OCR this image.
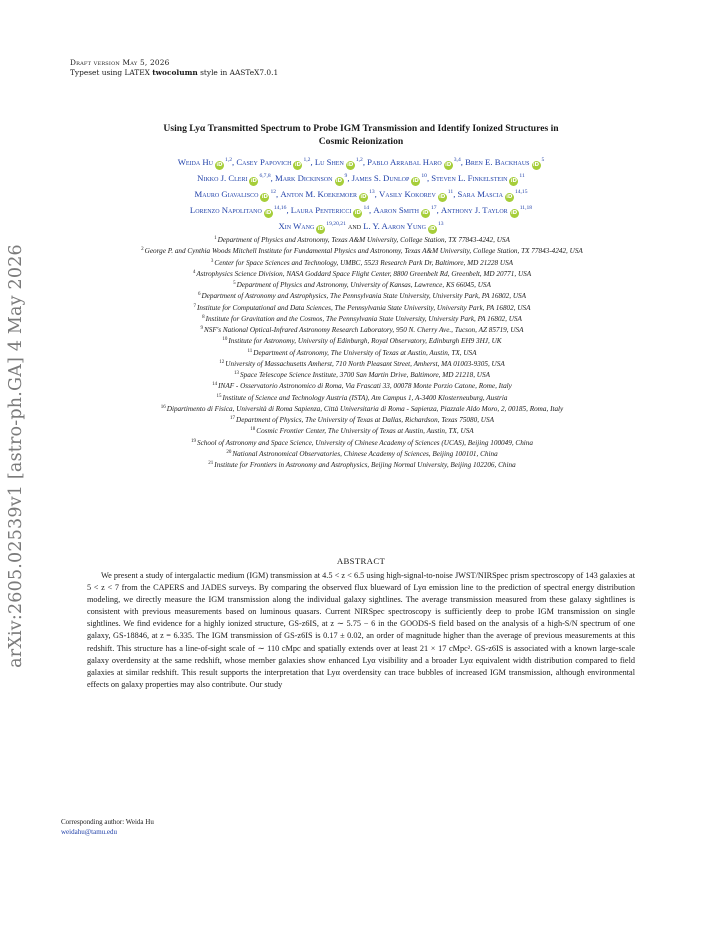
Draft version May 5, 2026
Typeset using LATEX twocolumn style in AASTeX7.0.1
arXiv:2605.02539v1 [astro-ph.GA] 4 May 2026
Using Lyα Transmitted Spectrum to Probe IGM Transmission and Identify Ionized Structures in
Cosmic Reionization
Weida Hu iD$^{1,2}$, Casey Papovich iD$^{1,2}$, Lu Shen iD$^{1,2}$, Pablo Arrabal Haro iD$^{3,4}$, Bren E. Backhaus $iD^5$
Nikko J. Cleri iD$^{6,7,8}$, Mark Dickinson $iD^9$, James S. Dunlop $iD^{10}$, Steven L. Finkelstein $iD^{11}$
Mauro Giavalisco $iD^{12}$, Anton M. Koekemoer $iD^{13}$, Vasily Kokorev $iD^{11}$, Sara Mascia iD$^{14,15}$
Lorenzo Napolitano iD$^{14,16}$, Laura Pentericci $iD^{14}$, Aaron Smith $iD^{17}$, Anthony J. Taylor iD$^{11,18}$
Xin Wang iD$^{19,20,21}$ and L. Y. Aaron Yung $iD^{13}$
$^1$Department of Physics and Astronomy, Texas A&M University, College Station, TX 77843-4242, USA
$^2$George P. and Cynthia Woods Mitchell Institute for Fundamental Physics and Astronomy, Texas A&M University, College Station, TX 77843-4242, USA
$^3$Center for Space Sciences and Technology, UMBC, 5523 Research Park Dr, Baltimore, MD 21228 USA
$^4$Astrophysics Science Division, NASA Goddard Space Flight Center, 8800 Greenbelt Rd, Greenbelt, MD 20771, USA
$^5$Department of Physics and Astronomy, University of Kansas, Lawrence, KS 66045, USA
$^6$Department of Astronomy and Astrophysics, The Pennsylvania State University, University Park, PA 16802, USA
$^7$Institute for Computational and Data Sciences, The Pennsylvania State University, University Park, PA 16802, USA
$^8$Institute for Gravitation and the Cosmos, The Pennsylvania State University, University Park, PA 16802, USA
$^9$NSF's National Optical-Infrared Astronomy Research Laboratory, 950 N. Cherry Ave., Tucson, AZ 85719, USA
$^{10}$Institute for Astronomy, University of Edinburgh, Royal Observatory, Edinburgh EH9 3HJ, UK
$^{11}$Department of Astronomy, The University of Texas at Austin, Austin, TX, USA
$^{12}$University of Massachusetts Amherst, 710 North Pleasant Street, Amherst, MA 01003-9305, USA
$^{13}$Space Telescope Science Institute, 3700 San Martin Drive, Baltimore, MD 21218, USA
$^{14}$INAF - Osservatorio Astronomico di Roma, Via Frascati 33, 00078 Monte Porzio Catone, Rome, Italy
$^{15}$Institute of Science and Technology Austria (ISTA), Am Campus 1, A-3400 Klosterneuburg, Austria
$^{16}$Dipartimento di Fisica, Università di Roma Sapienza, Città Universitaria di Roma - Sapienza, Piazzale Aldo Moro, 2, 00185, Roma, Italy
$^{17}$Department of Physics, The University of Texas at Dallas, Richardson, Texas 75080, USA
$^{18}$Cosmic Frontier Center, The University of Texas at Austin, Austin, TX, USA
$^{19}$School of Astronomy and Space Science, University of Chinese Academy of Sciences (UCAS), Beijing 100049, China
$^{20}$National Astronomical Observatories, Chinese Academy of Sciences, Beijing 100101, China
$^{21}$Institute for Frontiers in Astronomy and Astrophysics, Beijing Normal University, Beijing 102206, China
ABSTRACT
We present a study of intergalactic medium (IGM) transmission at 4.5 < z < 6.5 using high-signal-to-noise JWST/NIRSpec prism spectroscopy of 143 galaxies at 5 < z < 7 from the CAPERS and JADES surveys. By comparing the observed flux blueward of Lyα emission line to the prediction of spectral energy distribution modeling, we directly measure the IGM transmission along the individual galaxy sightlines. The average transmission measured from these galaxy sightlines is consistent with previous measurements based on luminous quasars. Current NIRSpec spectroscopy is sufficiently deep to probe IGM transmission on single sightlines. We find evidence for a highly ionized structure, GS-z6IS, at z ∼ 5.75 − 6 in the GOODS-S field based on the analysis of a high-S/N spectrum of one galaxy, GS-18846, at z = 6.335. The IGM transmission of GS-z6IS is 0.17 ± 0.02, an order of magnitude higher than the average of previous measurements at this redshift. This structure has a line-of-sight scale of ∼ 110 cMpc and spatially extends over at least 21 × 17 cMpc². GS-z6IS is associated with a known large-scale galaxy overdensity at the same redshift, whose member galaxies show enhanced Lyα visibility and a broader Lyα equivalent width distribution compared to field galaxies at similar redshift. This result supports the interpretation that Lyα overdensity can trace bubbles of increased IGM transmission, although environmental effects on galaxy properties may also contribute. Our study
Corresponding author: Weida Hu
weidahu@tamu.edu
